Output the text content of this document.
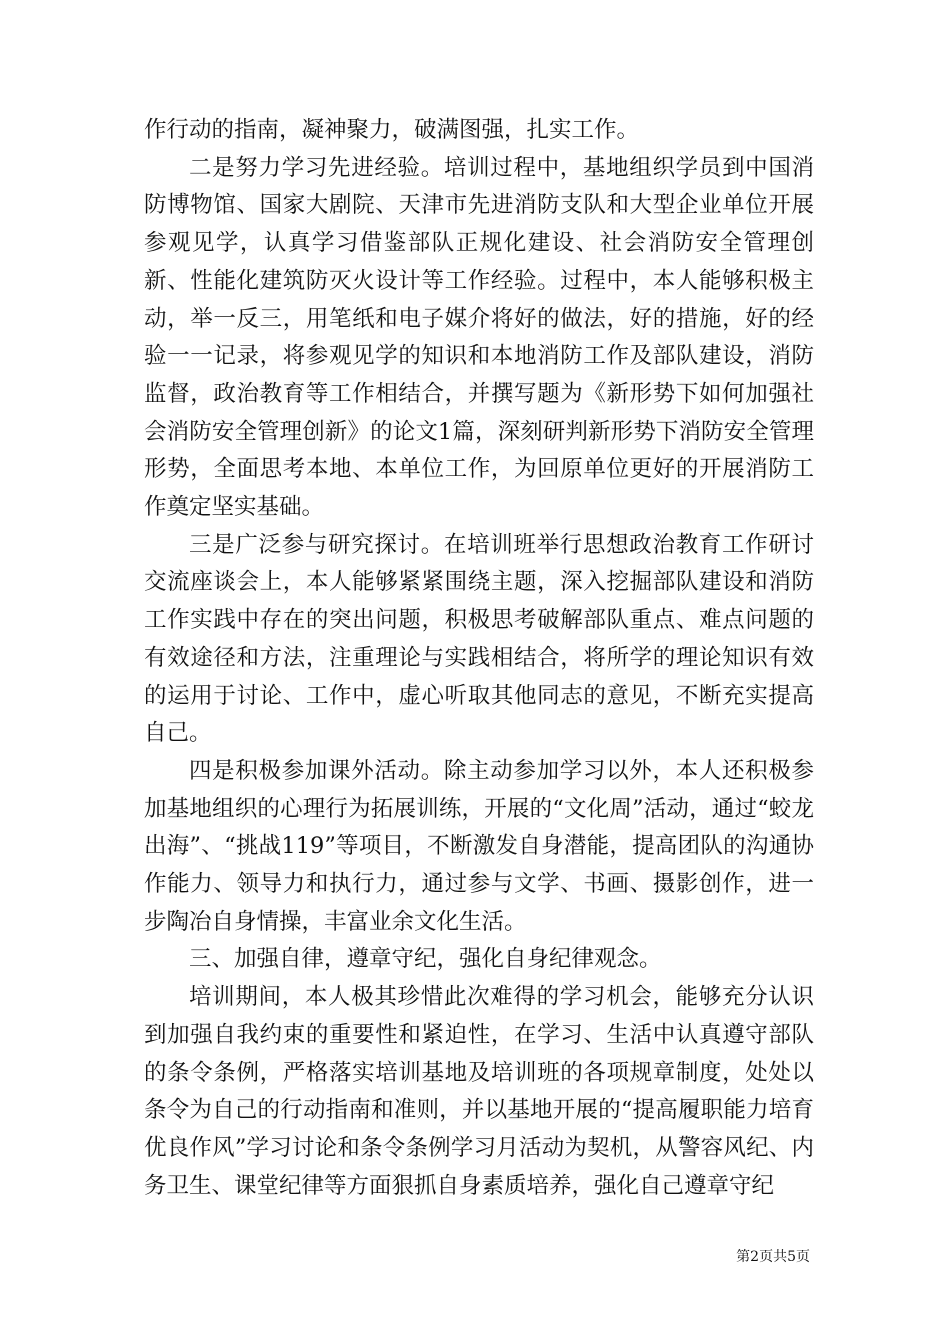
作行动的指南，凝神聚力，破满图强，扎实工作。

二是努力学习先进经验。培训过程中，基地组织学员到中国消防博物馆、国家大剧院、天津市先进消防支队和大型企业单位开展参观见学，认真学习借鉴部队正规化建设、社会消防安全管理创新、性能化建筑防灭火设计等工作经验。过程中，本人能够积极主动，举一反三，用笔纸和电子媒介将好的做法，好的措施，好的经验一一记录，将参观见学的知识和本地消防工作及部队建设，消防监督，政治教育等工作相结合，并撰写题为《新形势下如何加强社会消防安全管理创新》的论文1篇，深刻研判新形势下消防安全管理形势，全面思考本地、本单位工作，为回原单位更好的开展消防工作奠定坚实基础。

三是广泛参与研究探讨。在培训班举行思想政治教育工作研讨交流座谈会上，本人能够紧紧围绕主题，深入挖掘部队建设和消防工作实践中存在的突出问题，积极思考破解部队重点、难点问题的有效途径和方法，注重理论与实践相结合，将所学的理论知识有效的运用于讨论、工作中，虚心听取其他同志的意见，不断充实提高自己。

四是积极参加课外活动。除主动参加学习以外，本人还积极参加基地组织的心理行为拓展训练，开展的“文化周”活动，通过“蛟龙出海”、“挑战119”等项目，不断激发自身潜能，提高团队的沟通协作能力、领导力和执行力，通过参与文学、书画、摄影创作，进一步陶冶自身情操，丰富业余文化生活。

三、加强自律，遵章守纪，强化自身纪律观念。

培训期间，本人极其珍惜此次难得的学习机会，能够充分认识到加强自我约束的重要性和紧迫性，在学习、生活中认真遵守部队的条令条例，严格落实培训基地及培训班的各项规章制度，处处以条令为自己的行动指南和准则，并以基地开展的“提高履职能力培育优良作风”学习讨论和条令条例学习月活动为契机，从警容风纪、内务卫生、课堂纪律等方面狠抓自身素质培养，强化自己遵章守纪

第2页共5页
